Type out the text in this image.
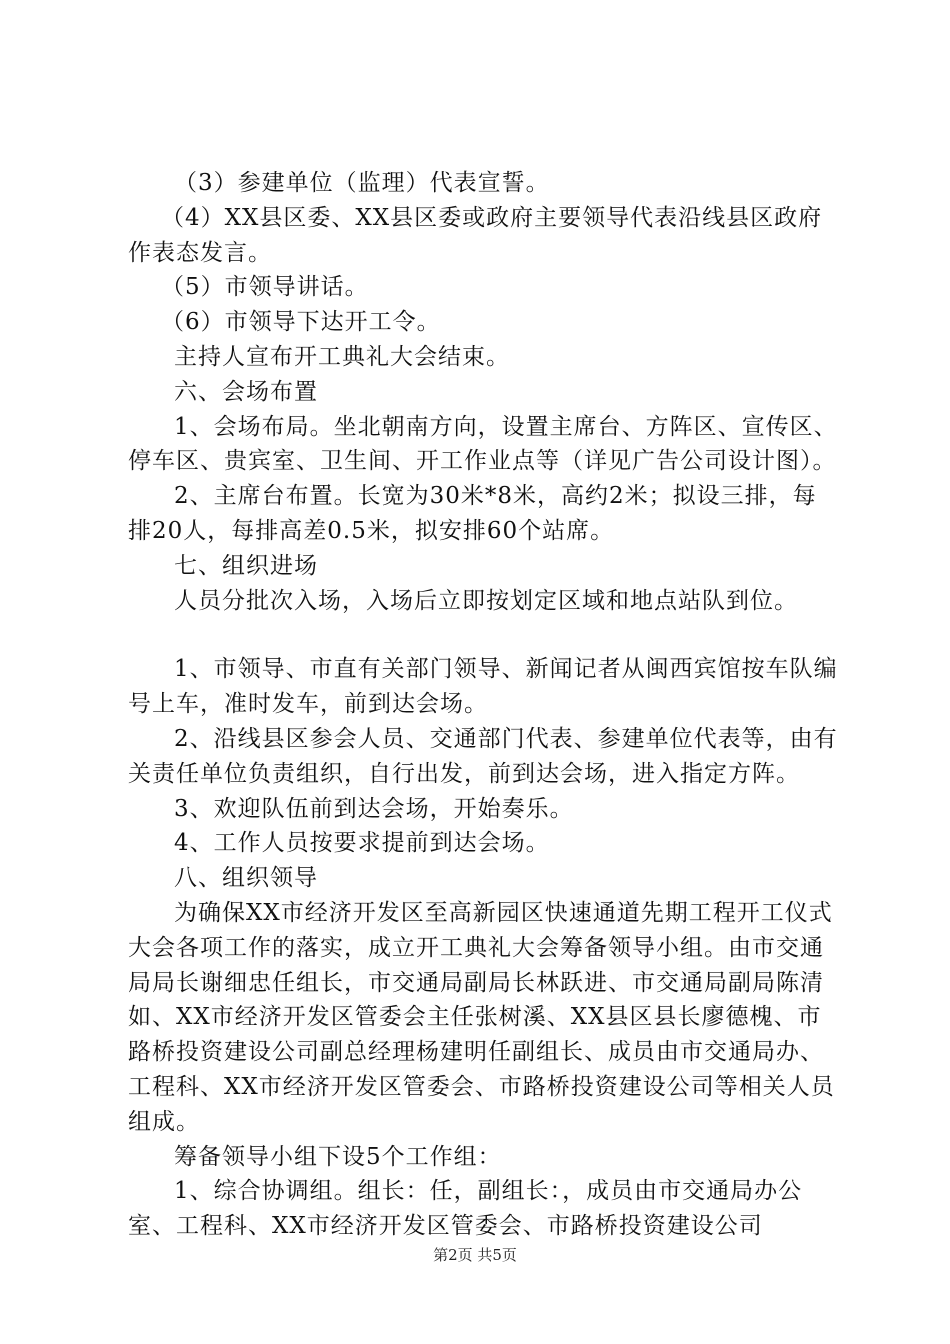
（3）参建单位（监理）代表宣誓。

（4）XX县区委、XX县区委或政府主要领导代表沿线县区政府作表态发言。

（5）市领导讲话。

（6）市领导下达开工令。

主持人宣布开工典礼大会结束。

六、会场布置

1、会场布局。坐北朝南方向，设置主席台、方阵区、宣传区、停车区、贵宾室、卫生间、开工作业点等（详见广告公司设计图）。

2、主席台布置。长宽为30米*8米，高约2米；拟设三排，每排20人，每排高差0.5米，拟安排60个站席。

七、组织进场

人员分批次入场，入场后立即按划定区域和地点站队到位。

1、市领导、市直有关部门领导、新闻记者从闽西宾馆按车队编号上车，准时发车，前到达会场。

2、沿线县区参会人员、交通部门代表、参建单位代表等，由有关责任单位负责组织，自行出发，前到达会场，进入指定方阵。

3、欢迎队伍前到达会场，开始奏乐。

4、工作人员按要求提前到达会场。

八、组织领导

为确保XX市经济开发区至高新园区快速通道先期工程开工仪式大会各项工作的落实，成立开工典礼大会筹备领导小组。由市交通局局长谢细忠任组长，市交通局副局长林跃进、市交通局副局陈清如、XX市经济开发区管委会主任张树溪、XX县区县长廖德槐、市路桥投资建设公司副总经理杨建明任副组长、成员由市交通局办、工程科、XX市经济开发区管委会、市路桥投资建设公司等相关人员组成。

筹备领导小组下设5个工作组：

1、综合协调组。组长：任，副组长：，成员由市交通局办公室、工程科、XX市经济开发区管委会、市路桥投资建设公司

第2页 共5页
